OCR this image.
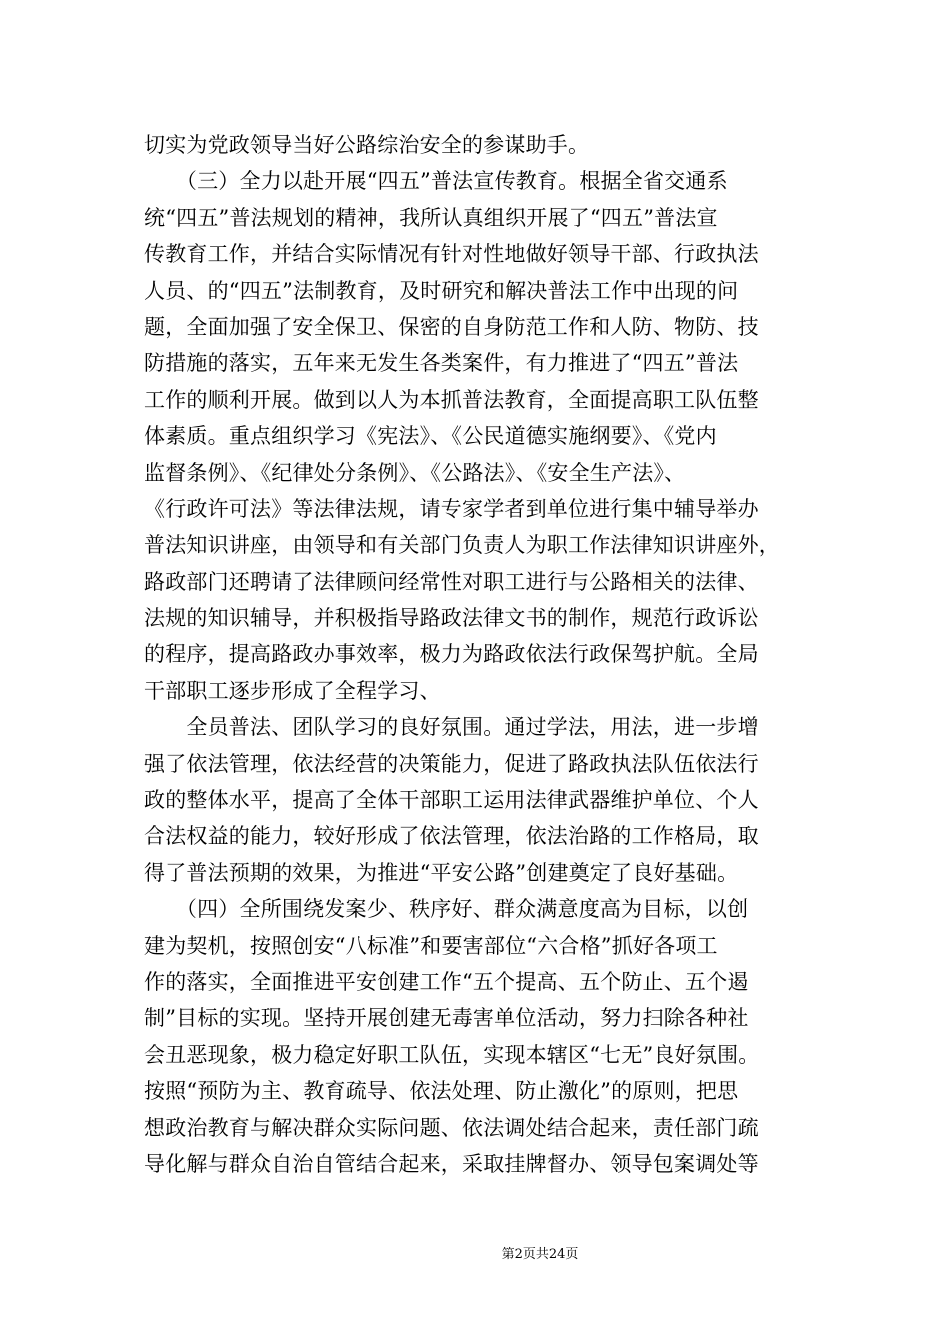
切实为党政领导当好公路综治安全的参谋助手。
　　（三）全力以赴开展“四五”普法宣传教育。根据全省交通系
统“四五”普法规划的精神，我所认真组织开展了“四五”普法宣
传教育工作，并结合实际情况有针对性地做好领导干部、行政执法
人员、的“四五”法制教育，及时研究和解决普法工作中出现的问
题，全面加强了安全保卫、保密的自身防范工作和人防、物防、技
防措施的落实，五年来无发生各类案件，有力推进了“四五”普法
工作的顺利开展。做到以人为本抓普法教育，全面提高职工队伍整
体素质。重点组织学习《宪法》、《公民道德实施纲要》、《党内
监督条例》、《纪律处分条例》、《公路法》、《安全生产法》、
《行政许可法》等法律法规，请专家学者到单位进行集中辅导举办
普法知识讲座，由领导和有关部门负责人为职工作法律知识讲座外，
路政部门还聘请了法律顾问经常性对职工进行与公路相关的法律、
法规的知识辅导，并积极指导路政法律文书的制作，规范行政诉讼
的程序，提高路政办事效率，极力为路政依法行政保驾护航。全局
干部职工逐步形成了全程学习、
　　全员普法、团队学习的良好氛围。通过学法，用法，进一步增
强了依法管理，依法经营的决策能力，促进了路政执法队伍依法行
政的整体水平，提高了全体干部职工运用法律武器维护单位、个人
合法权益的能力，较好形成了依法管理，依法治路的工作格局，取
得了普法预期的效果，为推进“平安公路”创建奠定了良好基础。
　　（四）全所围绕发案少、秩序好、群众满意度高为目标，以创
建为契机，按照创安“八标准”和要害部位“六合格”抓好各项工
作的落实，全面推进平安创建工作“五个提高、五个防止、五个遏
制”目标的实现。坚持开展创建无毒害单位活动，努力扫除各种社
会丑恶现象，极力稳定好职工队伍，实现本辖区“七无”良好氛围。
按照“预防为主、教育疏导、依法处理、防止激化”的原则，把思
想政治教育与解决群众实际问题、依法调处结合起来，责任部门疏
导化解与群众自治自管结合起来，采取挂牌督办、领导包案调处等
第2页共24页
